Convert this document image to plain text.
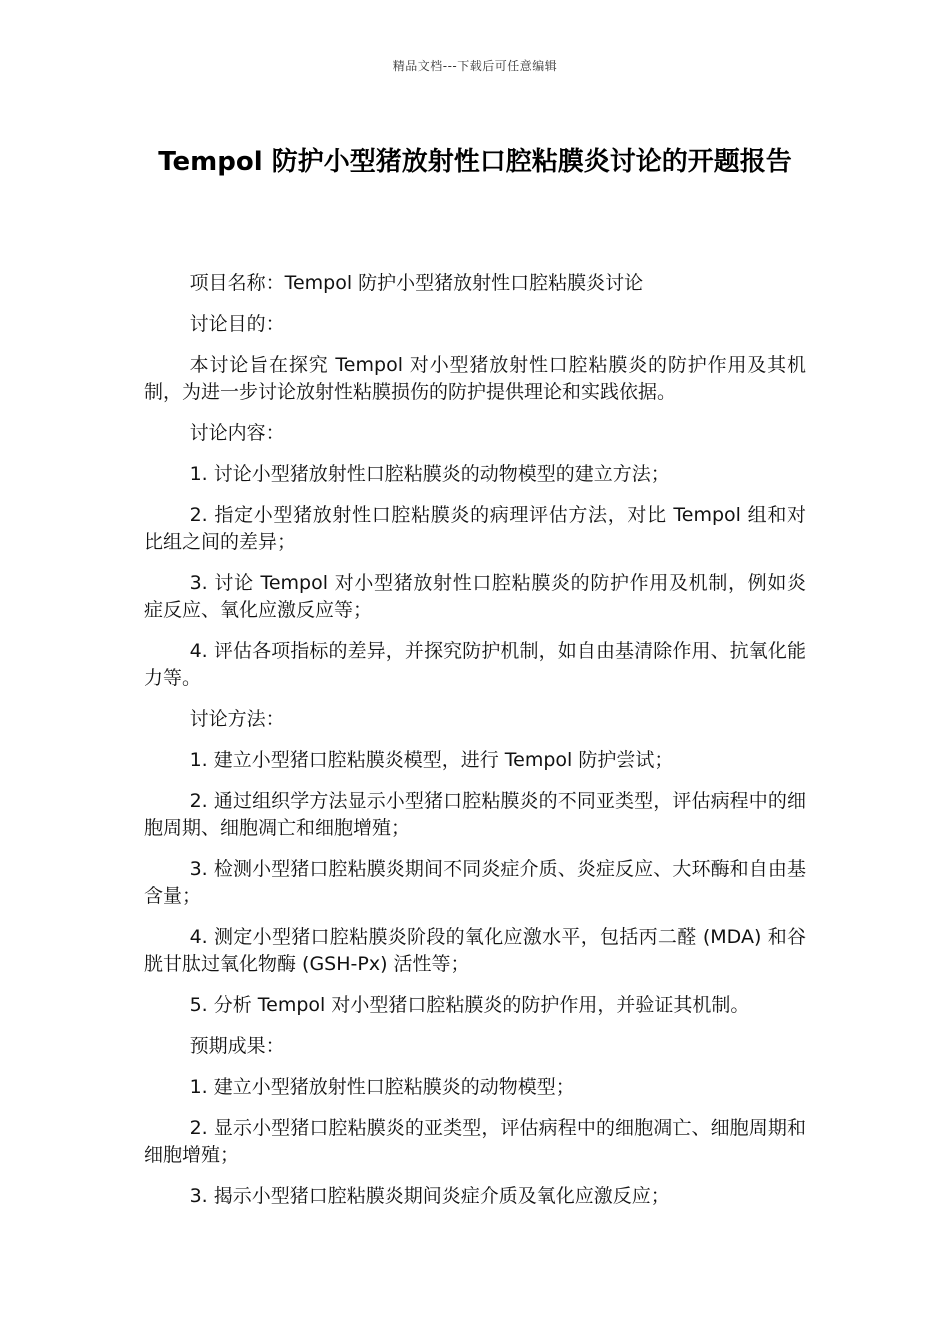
精品文档---下载后可任意编辑
Tempol 防护小型猪放射性口腔粘膜炎讨论的开题报告

项目名称：Tempol 防护小型猪放射性口腔粘膜炎讨论

讨论目的：

本讨论旨在探究 Tempol 对小型猪放射性口腔粘膜炎的防护作用及其机制，为进一步讨论放射性粘膜损伤的防护提供理论和实践依据。

讨论内容：

1. 讨论小型猪放射性口腔粘膜炎的动物模型的建立方法；

2. 指定小型猪放射性口腔粘膜炎的病理评估方法，对比 Tempol 组和对比组之间的差异；

3. 讨论 Tempol 对小型猪放射性口腔粘膜炎的防护作用及机制，例如炎症反应、氧化应激反应等；

4. 评估各项指标的差异，并探究防护机制，如自由基清除作用、抗氧化能力等。

讨论方法：

1. 建立小型猪口腔粘膜炎模型，进行 Tempol 防护尝试；

2. 通过组织学方法显示小型猪口腔粘膜炎的不同亚类型，评估病程中的细胞周期、细胞凋亡和细胞增殖；

3. 检测小型猪口腔粘膜炎期间不同炎症介质、炎症反应、大环酶和自由基含量；

4. 测定小型猪口腔粘膜炎阶段的氧化应激水平，包括丙二醛 (MDA) 和谷胱甘肽过氧化物酶 (GSH-Px) 活性等；

5. 分析 Tempol 对小型猪口腔粘膜炎的防护作用，并验证其机制。

预期成果：

1. 建立小型猪放射性口腔粘膜炎的动物模型；

2. 显示小型猪口腔粘膜炎的亚类型，评估病程中的细胞凋亡、细胞周期和细胞增殖；

3. 揭示小型猪口腔粘膜炎期间炎症介质及氧化应激反应；
